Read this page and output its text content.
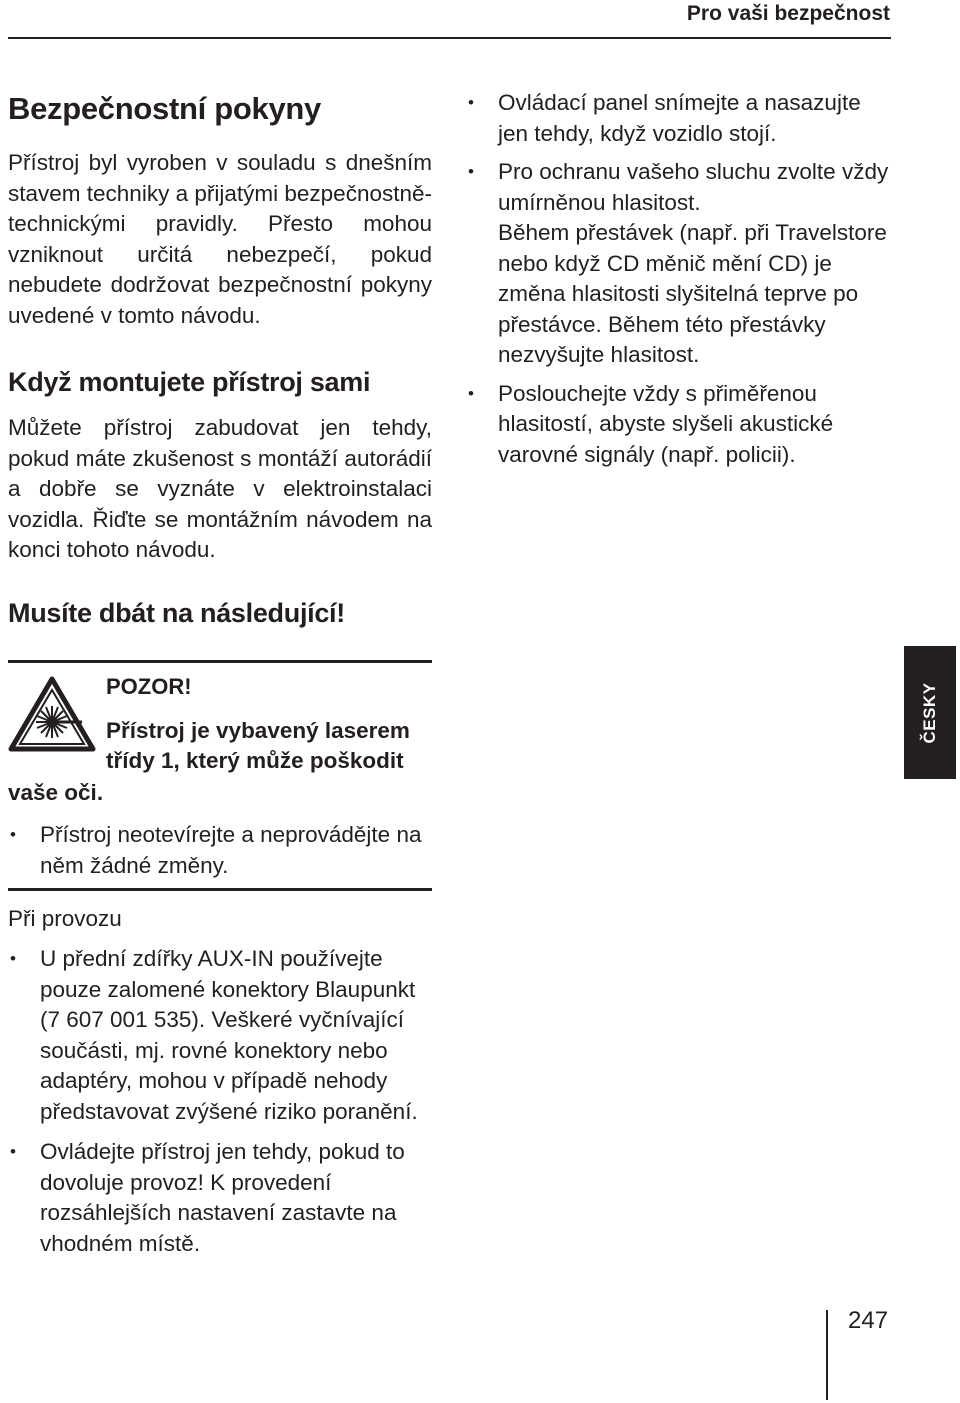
Pro vaši bezpečnost
Bezpečnostní pokyny

Přístroj byl vyroben v souladu s dnešním stavem techniky a přijatými bezpečnostně-technickými pravidly. Přesto mohou vzniknout určitá nebezpečí, pokud nebudete dodržovat bezpečnostní pokyny uvedené v tomto návodu.

Když montujete přístroj sami

Můžete přístroj zabudovat jen tehdy, pokud máte zkušenost s montáží autorádií a dobře se vyznáte v elektroinstalaci vozidla. Řiďte se montážním návodem na konci tohoto návodu.

Musíte dbát na následující!
POZOR!
Přístroj je vybavený laserem
třídy 1, který může poškodit
vaše oči.
• Přístroj neotevírejte a neprovádějte na něm žádné změny.
Při provozu
• U přední zdířky AUX-IN používejte pouze zalomené konektory Blaupunkt (7 607 001 535). Veškeré vyčnívající součásti, mj. rovné konektory nebo adaptéry, mohou v případě nehody představovat zvýšené riziko poranění.
• Ovládejte přístroj jen tehdy, pokud to dovoluje provoz! K provedení rozsáhlejších nastavení zastavte na vhodném místě.
• Ovládací panel snímejte a nasazujte jen tehdy, když vozidlo stojí.
• Pro ochranu vašeho sluchu zvolte vždy umírněnou hlasitost.
Během přestávek (např. při Travelstore nebo když CD měnič mění CD) je změna hlasitosti slyšitelná teprve po přestávce. Během této přestávky nezvyšujte hlasitost.
• Poslouchejte vždy s přiměřenou hlasitostí, abyste slyšeli akustické varovné signály (např. policii).
ČESKY
247
